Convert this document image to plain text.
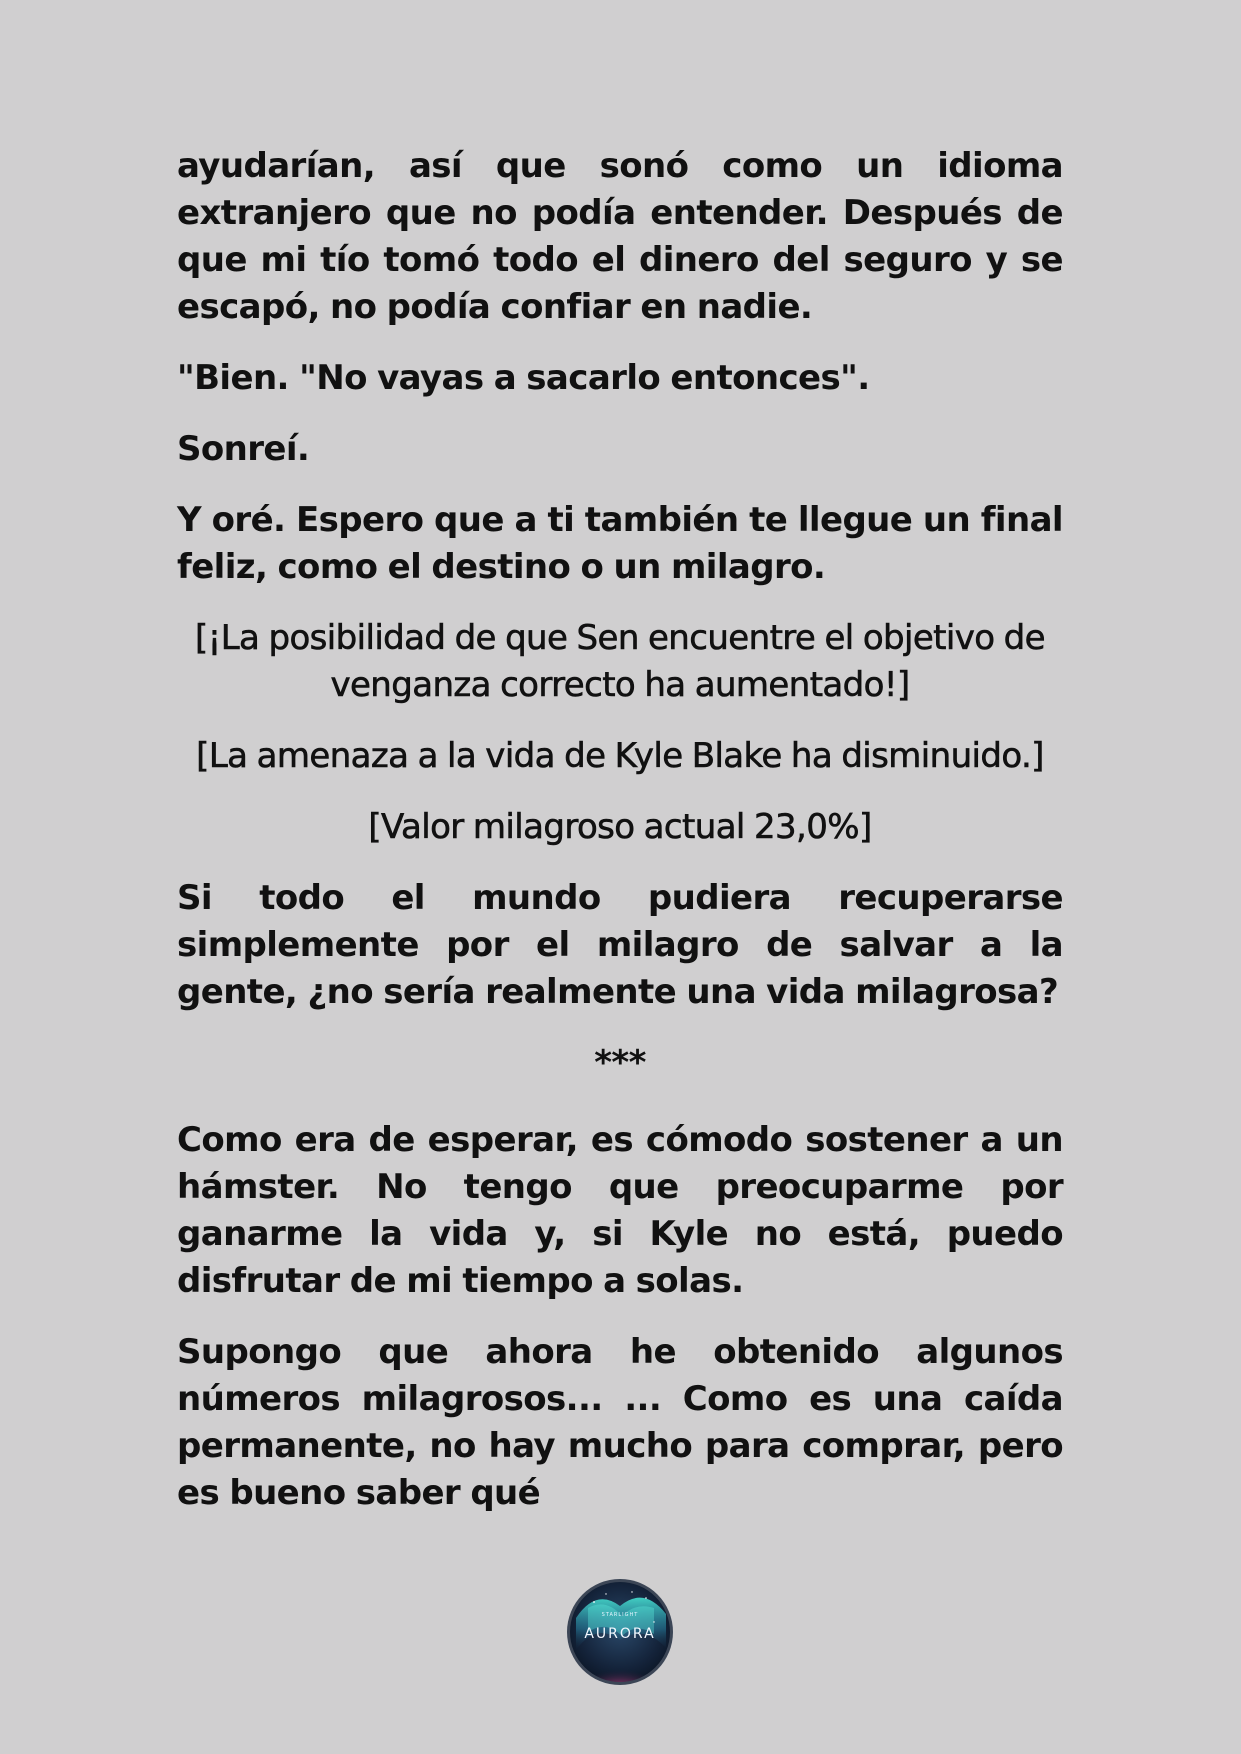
ayudarían, así que sonó como un idioma extranjero que no podía entender. Después de que mi tío tomó todo el dinero del seguro y se escapó, no podía confiar en nadie.

"Bien. "No vayas a sacarlo entonces".

Sonreí.

Y oré. Espero que a ti también te llegue un final feliz, como el destino o un milagro.

[¡La posibilidad de que Sen encuentre el objetivo de venganza correcto ha aumentado!]

[La amenaza a la vida de Kyle Blake ha disminuido.]

[Valor milagroso actual 23,0%]

Si todo el mundo pudiera recuperarse simplemente por el milagro de salvar a la gente, ¿no sería realmente una vida milagrosa?

***

Como era de esperar, es cómodo sostener a un hámster. No tengo que preocuparme por ganarme la vida y, si Kyle no está, puedo disfrutar de mi tiempo a solas.

Supongo que ahora he obtenido algunos números milagrosos... ... Como es una caída permanente, no hay mucho para comprar, pero es bueno saber qué

STARLIGHT
AURORA
